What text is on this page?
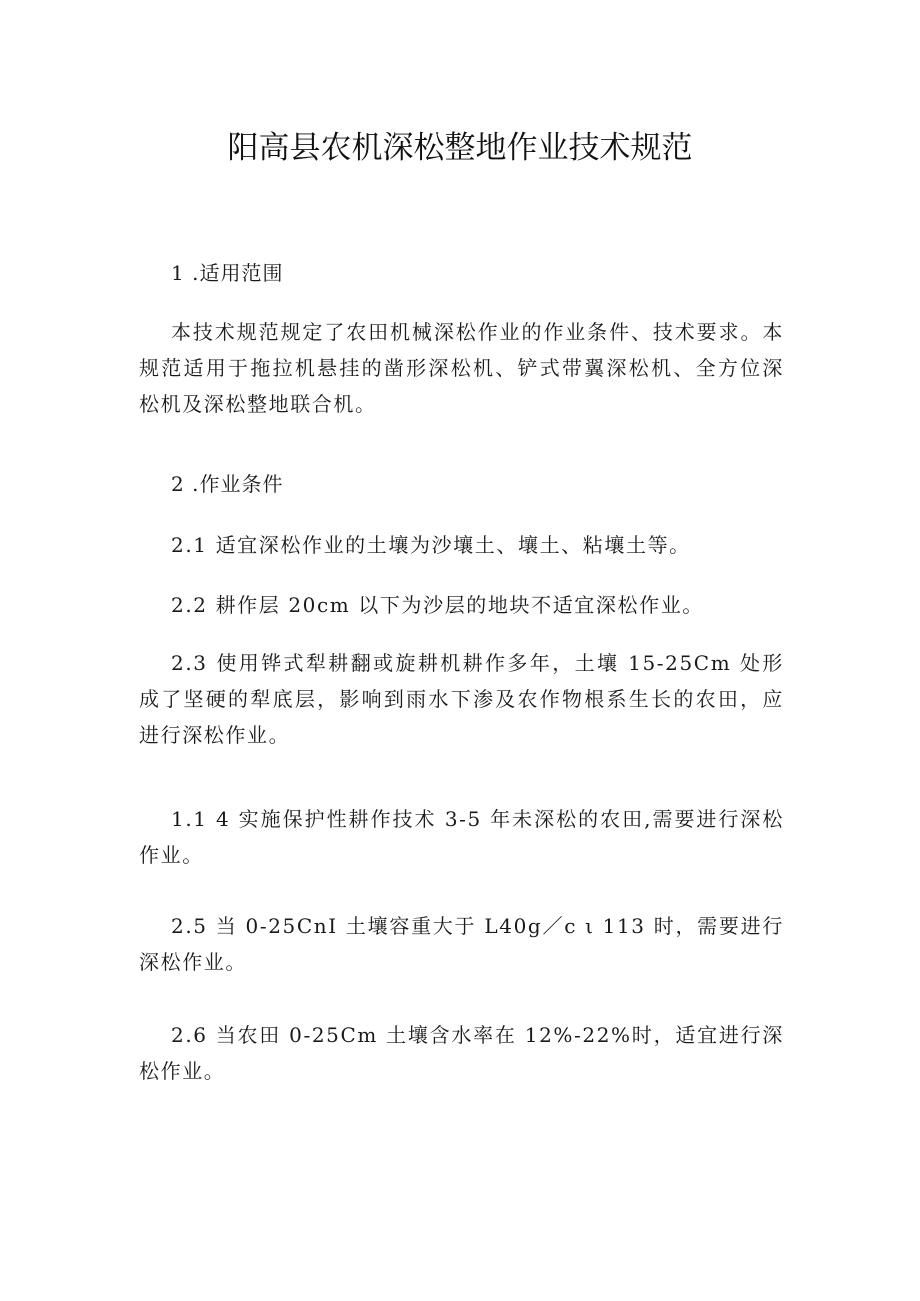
阳高县农机深松整地作业技术规范

1 .适用范围

本技术规范规定了农田机械深松作业的作业条件、技术要求。本规范适用于拖拉机悬挂的凿形深松机、铲式带翼深松机、全方位深松机及深松整地联合机。

2 .作业条件

2.1 适宜深松作业的土壤为沙壤土、壤土、粘壤土等。

2.2 耕作层 20cm 以下为沙层的地块不适宜深松作业。

2.3 使用铧式犁耕翻或旋耕机耕作多年，土壤 15-25Cm 处形成了坚硬的犁底层，影响到雨水下渗及农作物根系生长的农田，应进行深松作业。

1.1 4 实施保护性耕作技术 3-5 年未深松的农田,需要进行深松作业。

2.5 当 0-25CnI 土壤容重大于 L40g／c ι 113 时，需要进行深松作业。

2.6 当农田 0-25Cm 土壤含水率在 12%-22%时，适宜进行深松作业。
